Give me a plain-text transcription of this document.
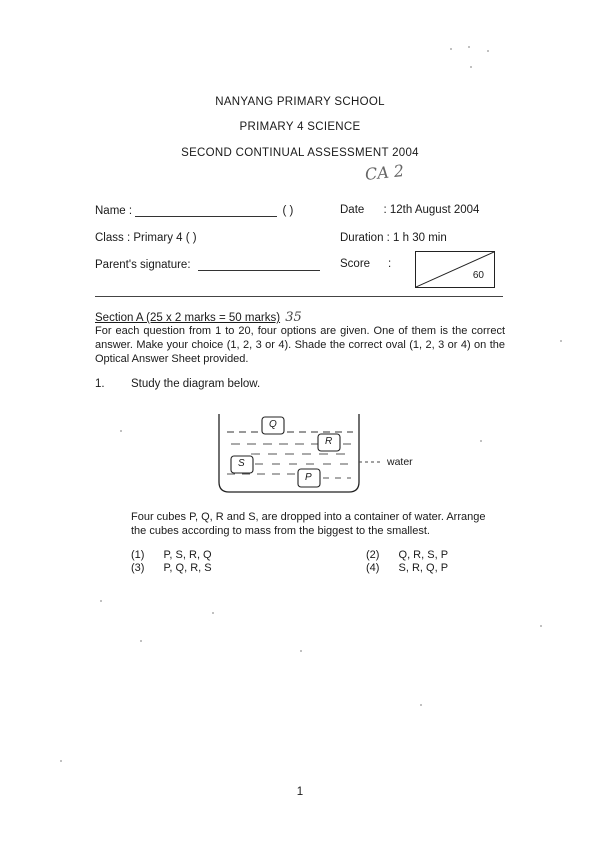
NANYANG PRIMARY SCHOOL
PRIMARY 4 SCIENCE
SECOND CONTINUAL ASSESSMENT 2004
CA 2
Name :	( )	Date : 12th August 2004
Class : Primary 4 ( )	Duration : 1 h 30 min
Parent's signature:	Score :
60
Section A (25 x 2 marks = 50 marks) 35
For each question from 1 to 20, four options are given. One of them is the correct answer. Make your choice (1, 2, 3 or 4). Shade the correct oval (1, 2, 3 or 4) on the Optical Answer Sheet provided.
1. Study the diagram below.
Q
R
S
P
water
Four cubes P, Q, R and S, are dropped into a container of water. Arrange the cubes according to mass from the biggest to the smallest.
(1) P, S, R, Q	(2) Q, R, S, P
(3) P, Q, R, S	(4) S, R, Q, P
1
